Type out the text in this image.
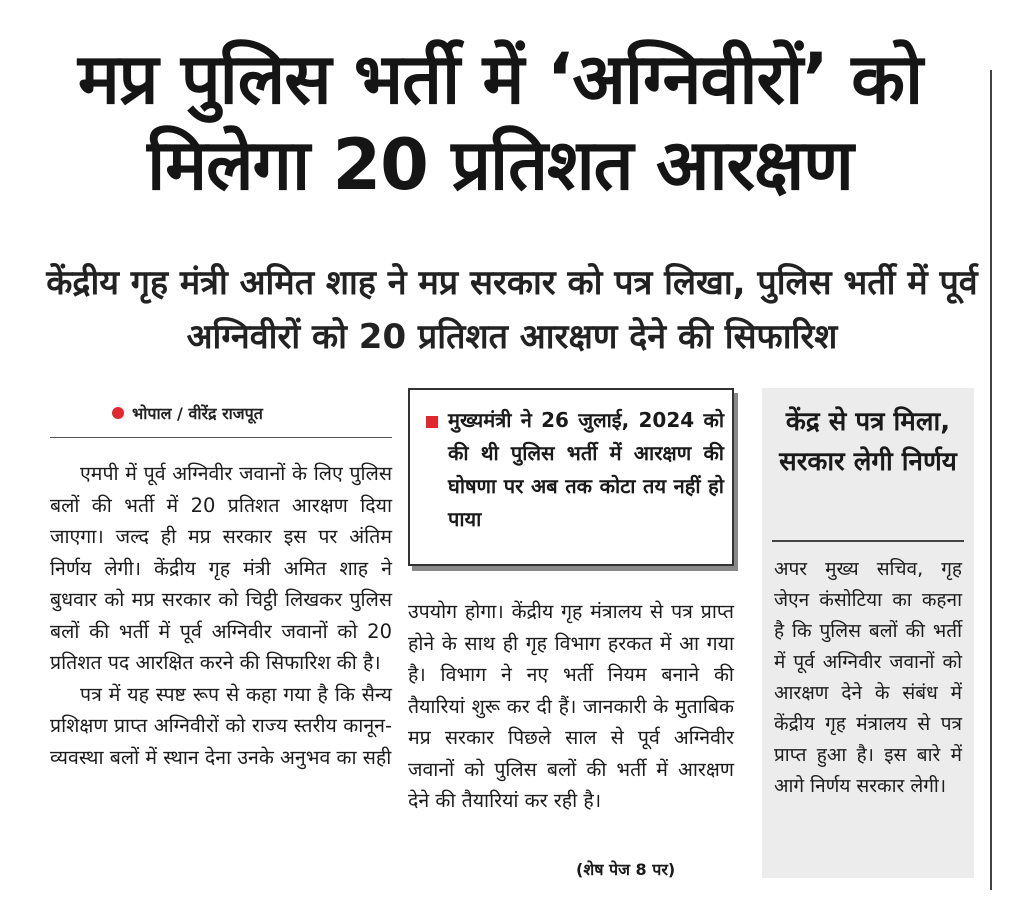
मप्र पुलिस भर्ती में ‘अग्निवीरों’ को मिलेगा 20 प्रतिशत आरक्षण
केंद्रीय गृह मंत्री अमित शाह ने मप्र सरकार को पत्र लिखा, पुलिस भर्ती में पूर्व अग्निवीरों को 20 प्रतिशत आरक्षण देने की सिफारिश
भोपाल / वीरेंद्र राजपूत

एमपी में पूर्व अग्निवीर जवानों के लिए पुलिस बलों की भर्ती में 20 प्रतिशत आरक्षण दिया जाएगा। जल्द ही मप्र सरकार इस पर अंतिम निर्णय लेगी। केंद्रीय गृह मंत्री अमित शाह ने बुधवार को मप्र सरकार को चिट्ठी लिखकर पुलिस बलों की भर्ती में पूर्व अग्निवीर जवानों को 20 प्रतिशत पद आरक्षित करने की सिफारिश की है।

पत्र में यह स्पष्ट रूप से कहा गया है कि सैन्य प्रशिक्षण प्राप्त अग्निवीरों को राज्य स्तरीय कानून-व्यवस्था बलों में स्थान देना उनके अनुभव का सही

मुख्यमंत्री ने 26 जुलाई, 2024 को की थी पुलिस भर्ती में आरक्षण की घोषणा पर अब तक कोटा तय नहीं हो पाया

उपयोग होगा। केंद्रीय गृह मंत्रालय से पत्र प्राप्त होने के साथ ही गृह विभाग हरकत में आ गया है। विभाग ने नए भर्ती नियम बनाने की तैयारियां शुरू कर दी हैं। जानकारी के मुताबिक मप्र सरकार पिछले साल से पूर्व अग्निवीर जवानों को पुलिस बलों की भर्ती में आरक्षण देने की तैयारियां कर रही है।

(शेष पेज 8 पर)
केंद्र से पत्र मिला, सरकार लेगी निर्णय
अपर मुख्य सचिव, गृह जेएन कंसोटिया का कहना है कि पुलिस बलों की भर्ती में पूर्व अग्निवीर जवानों को आरक्षण देने के संबंध में केंद्रीय गृह मंत्रालय से पत्र प्राप्त हुआ है। इस बारे में आगे निर्णय सरकार लेगी।
